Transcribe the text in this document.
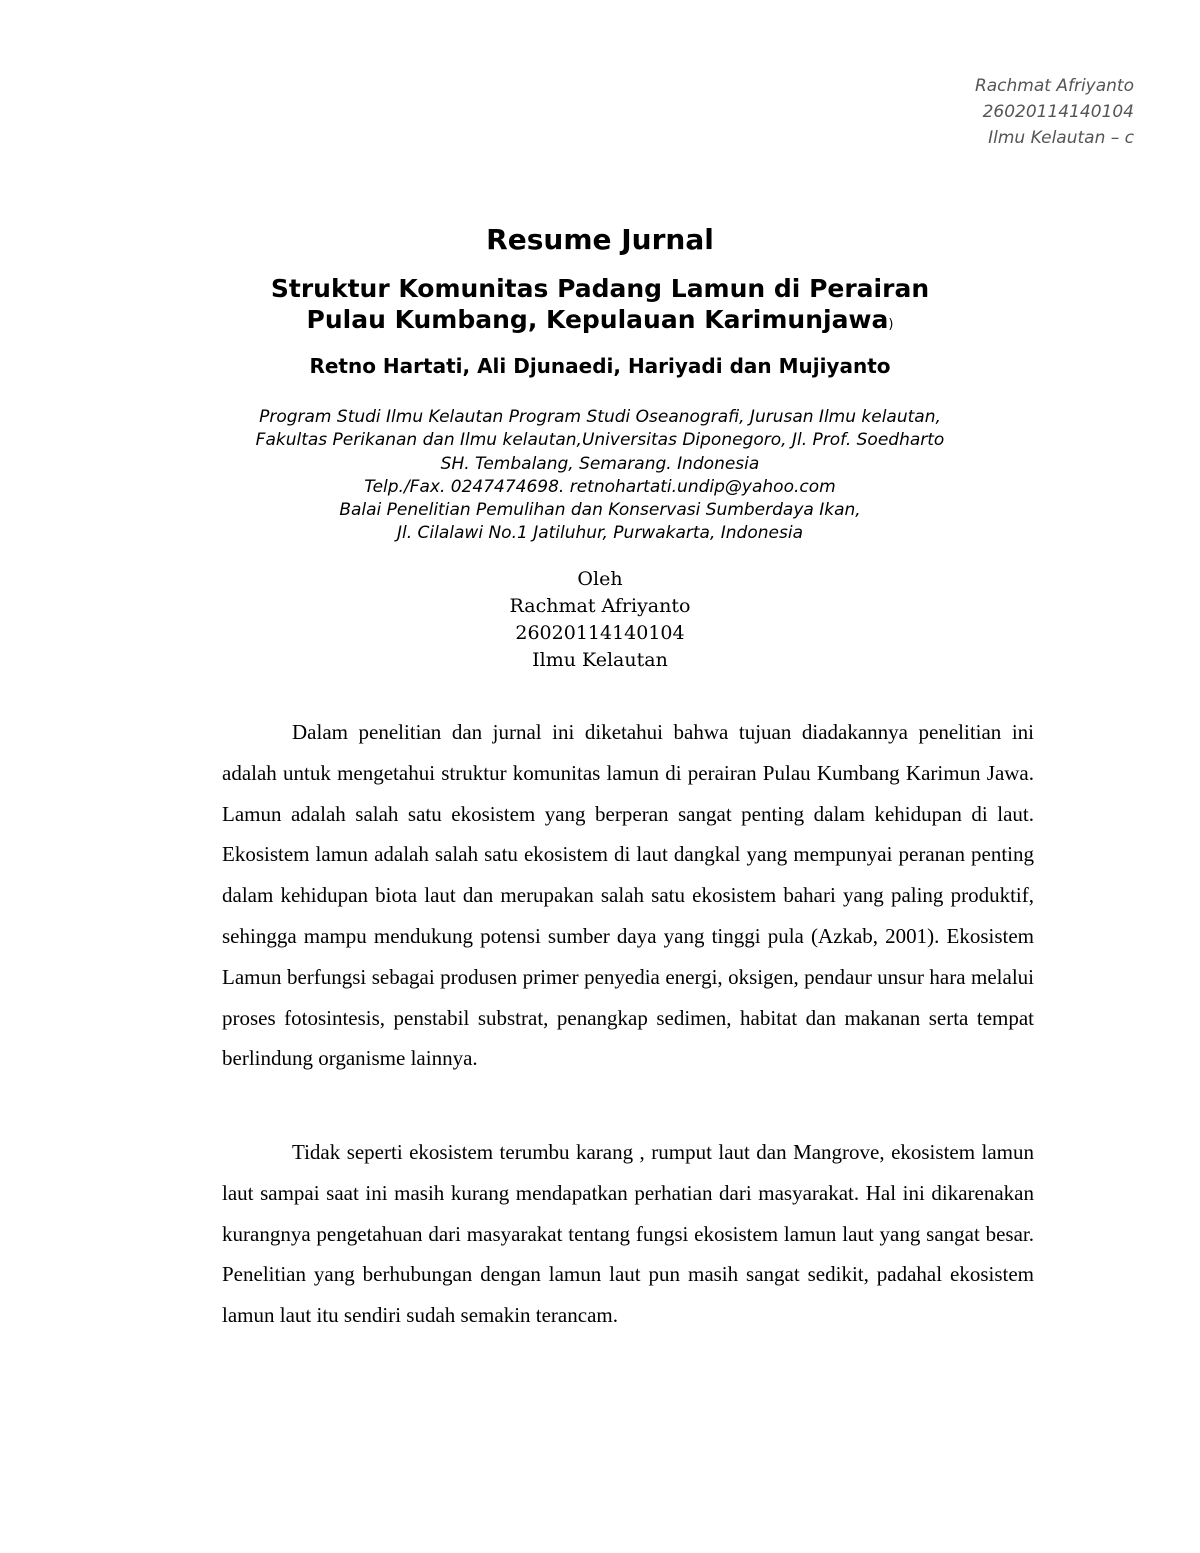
Rachmat Afriyanto
26020114140104
Ilmu Kelautan – c
Resume Jurnal
Struktur Komunitas Padang Lamun di Perairan
Pulau Kumbang, Kepulauan Karimunjawa)
Retno Hartati, Ali Djunaedi, Hariyadi dan Mujiyanto
Program Studi Ilmu Kelautan Program Studi Oseanografi, Jurusan Ilmu kelautan,
Fakultas Perikanan dan Ilmu kelautan,Universitas Diponegoro, Jl. Prof. Soedharto
SH. Tembalang, Semarang. Indonesia
Telp./Fax. 0247474698. retnohartati.undip@yahoo.com
Balai Penelitian Pemulihan dan Konservasi Sumberdaya Ikan,
Jl. Cilalawi No.1 Jatiluhur, Purwakarta, Indonesia
Oleh
Rachmat Afriyanto
26020114140104
Ilmu Kelautan

Dalam penelitian dan jurnal ini diketahui bahwa tujuan diadakannya penelitian ini adalah untuk mengetahui struktur komunitas lamun di perairan Pulau Kumbang Karimun Jawa. Lamun adalah salah satu ekosistem yang berperan sangat penting dalam kehidupan di laut. Ekosistem lamun adalah salah satu ekosistem di laut dangkal yang mempunyai peranan penting dalam kehidupan biota laut dan merupakan salah satu ekosistem bahari yang paling produktif, sehingga mampu mendukung potensi sumber daya yang tinggi pula (Azkab, 2001). Ekosistem Lamun berfungsi sebagai produsen primer penyedia energi, oksigen, pendaur unsur hara melalui proses fotosintesis, penstabil substrat, penangkap sedimen, habitat dan makanan serta tempat berlindung organisme lainnya.

Tidak seperti ekosistem terumbu karang , rumput laut dan Mangrove, ekosistem lamun laut sampai saat ini masih kurang mendapatkan perhatian dari masyarakat. Hal ini dikarenakan kurangnya pengetahuan dari masyarakat tentang fungsi ekosistem lamun laut yang sangat besar. Penelitian yang berhubungan dengan lamun laut pun masih sangat sedikit, padahal ekosistem lamun laut itu sendiri sudah semakin terancam.
